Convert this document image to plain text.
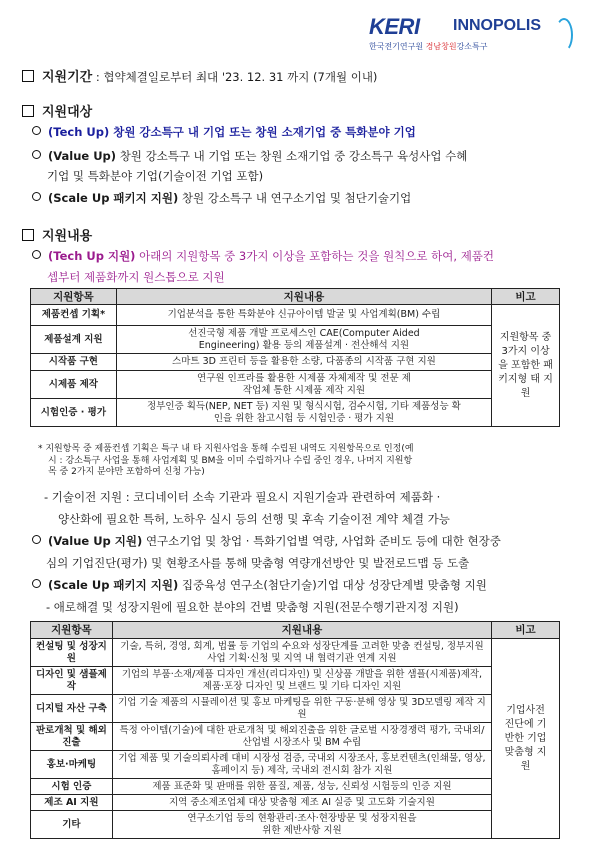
KERI INNOPOLIS
한국전기연구원 경남창원강소특구
지원기간 : 협약체결일로부터 최대 '23. 12. 31 까지 (7개월 이내)
지원대상
(Tech Up) 창원 강소특구 내 기업 또는 창원 소재기업 중 특화분야 기업
(Value Up) 창원 강소특구 내 기업 또는 창원 소재기업 중 강소특구 육성사업 수혜
기업 및 특화분야 기업(기술이전 기업 포함)
(Scale Up 패키지 지원) 창원 강소특구 내 연구소기업 및 첨단기술기업
지원내용
(Tech Up 지원) 아래의 지원항목 중 3가지 이상을 포함하는 것을 원칙으로 하여, 제품컨
셉부터 제품화까지 원스톱으로 지원
지원항목	지원내용	비고
제품컨셉 기획*	기업분석을 통한 특화분야 신규아이템 발굴 및 사업계획(BM) 수립	지원항목 중 3가지 이상을 포함한 패키지형 태 지원
제품설계 지원	선진국형 제품 개발 프로세스인 CAE(Computer Aided Engineering) 활용 등의 제품설계 · 전산해석 지원	
시작품 구현	스마트 3D 프린터 등을 활용한 소량, 다품종의 시작품 구현 지원	
시제품 제작	연구원 인프라를 활용한 시제품 자체제작 및 전문 제작업체 통한 시제품 제작 지원	
시험인증 · 평가	정부인증 획득(NEP, NET 등) 지원 및 형식시험, 검수시험, 기타 제품성능 확인을 위한 참고시험 등 시험인증 · 평가 지원	
* 지원항목 중 제품컨셉 기획은 특구 내 타 지원사업을 통해 수립된 내역도 지원항목으로 인정(예
시 : 강소특구 사업을 통해 사업계획 및 BM을 이미 수립하거나 수립 중인 경우, 나머지 지원항
목 중 2가지 분야만 포함하여 신청 가능)
- 기술이전 지원 : 코디네이터 소속 기관과 필요시 지원기술과 관련하여 제품화 ·
양산화에 필요한 특허, 노하우 실시 등의 선행 및 후속 기술이전 계약 체결 가능
(Value Up 지원) 연구소기업 및 창업 · 특화기업별 역량, 사업화 준비도 등에 대한 현장중
심의 기업진단(평가) 및 현황조사를 통해 맞춤형 역량개선방안 및 발전로드맵 등 도출
(Scale Up 패키지 지원) 집중육성 연구소(첨단기술)기업 대상 성장단계별 맞춤형 지원
- 애로해결 및 성장지원에 필요한 분야의 건별 맞춤형 지원(전문수행기관지정 지원)
지원항목	지원내용	비고
컨설팅 및 성장지원	기술, 특허, 경영, 회계, 법률 등 기업의 수요와 성장단계를 고려한 맞춤 컨설팅, 정부지원사업 기획·신청 및 지역 내 협력기관 연계 지원	기업사전 진단에 기반한 기업 맞춤형 지원
디자인 및 샘플제작	기업의 부품·소재/제품 디자인 개선(리디자인) 및 신상품 개발을 위한 샘플(시제품)제작, 제품·포장 디자인 및 브랜드 및 기타 디자인 지원	
디지털 자산 구축	기업 기술 제품의 시뮬레이션 및 홍보 마케팅을 위한 구동·분해 영상 및 3D모델링 제작 지원	
판로개척 및 해외진출	특정 아이템(기술)에 대한 판로개척 및 해외진출을 위한 글로벌 시장경쟁력 평가, 국내외/산업별 시장조사 및 BM 수립	
홍보·마케팅	기업 제품 및 기술의뢰사례 대비 시장성 검증, 국내외 시장조사, 홍보컨텐츠(인쇄물, 영상, 홈페이지 등) 제작, 국내외 전시회 참가 지원	
시험 인증	제품 표준화 및 판매를 위한 품질, 제품, 성능, 신뢰성 시험등의 인증 지원	
제조 AI 지원	지역 중소제조업체 대상 맞춤형 제조 AI 실증 및 고도화 기술지원	
기타	연구소기업 등의 현황관리·조사·현장방문 및 성장지원을 위한 제반사항 지원	
